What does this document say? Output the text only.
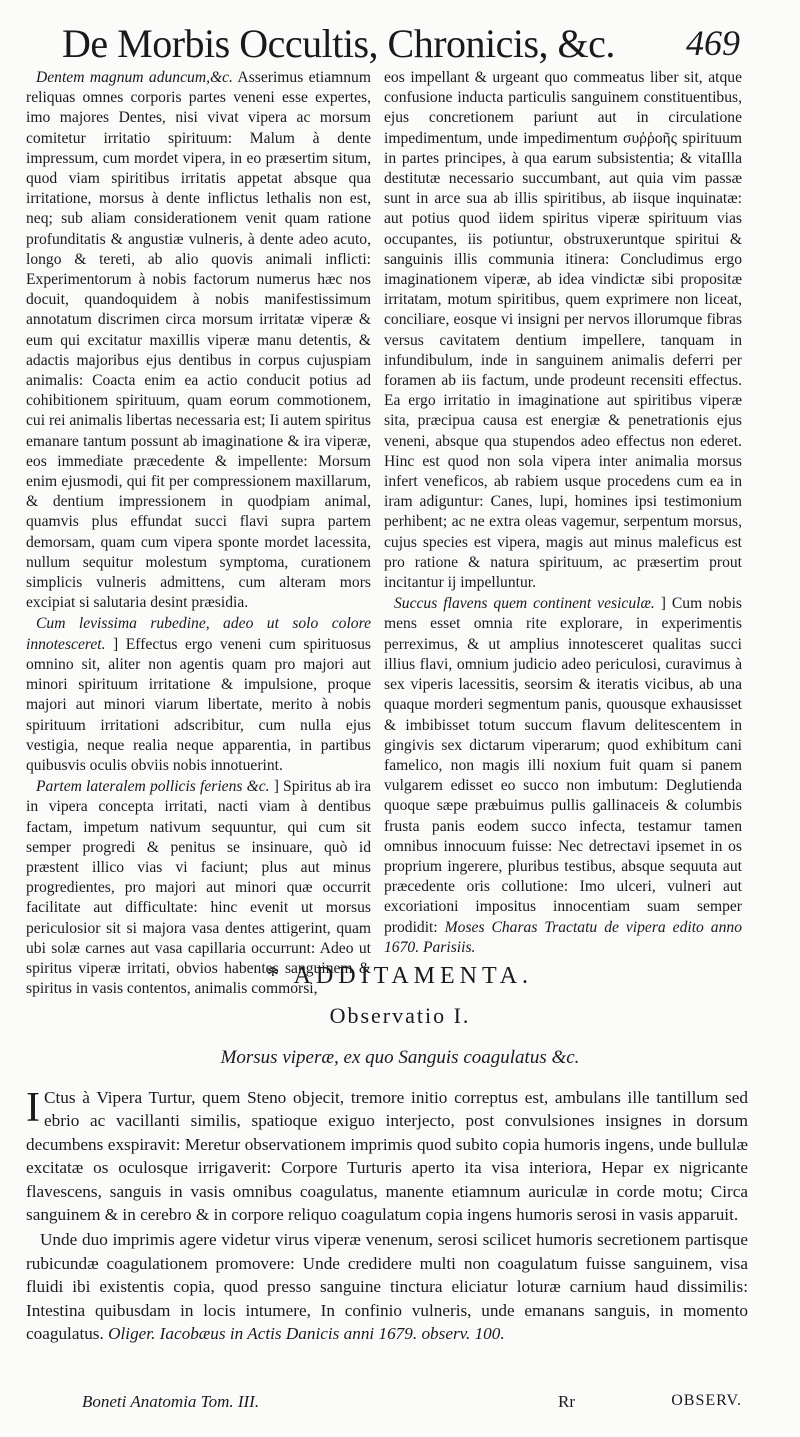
De Morbis Occultis, Chronicis, &c. 469

Dentem magnum aduncum,&c. Asserimus etiamnum reliquas omnes corporis partes veneni esse expertes, imo majores Dentes, nisi vivat vipera ac morsum comitetur irritatio spirituum: Malum à dente impressum, cum mordet vipera, in eo præsertim situm, quod viam spiritibus irritatis appetat absque qua irritatione, morsus à dente inflictus lethalis non est, neq; sub aliam considerationem venit quam ratione profunditatis & angustiæ vulneris, à dente adeo acuto, longo & tereti, ab alio quovis animali inflicti: Experimentorum à nobis factorum numerus hæc nos docuit, quandoquidem à nobis manifestissimum annotatum discrimen circa morsum irritatæ viperæ & eum qui excitatur maxillis viperæ manu detentis, & adactis majoribus ejus dentibus in corpus cujuspiam animalis: Coacta enim ea actio conducit potius ad cohibitionem spirituum, quam eorum commotionem, cui rei animalis libertas necessaria est; Ii autem spiritus emanare tantum possunt ab imaginatione & ira viperæ, eos immediate præcedente & impellente: Morsum enim ejusmodi, qui fit per compressionem maxillarum, & dentium impressionem in quodpiam animal, quamvis plus effundat succi flavi supra partem demorsam, quam cum vipera sponte mordet lacessita, nullum sequitur molestum symptoma, curationem simplicis vulneris admittens, cum alteram mors excipiat si salutaria desint præsidia.

Cum levissima rubedine, adeo ut solo colore innotesceret. ] Effectus ergo veneni cum spirituosus omnino sit, aliter non agentis quam pro majori aut minori spirituum irritatione & impulsione, proque majori aut minori viarum libertate, merito à nobis spirituum irritationi adscribitur, cum nulla ejus vestigia, neque realia neque apparentia, in partibus quibusvis oculis obviis nobis innotuerint.

Partem lateralem pollicis feriens &c. ] Spiritus ab ira in vipera concepta irritati, nacti viam à dentibus factam, impetum nativum sequuntur, qui cum sit semper progredi & penitus se insinuare, quò id præstent illico vias vi faciunt; plus aut minus progredientes, pro majori aut minori quæ occurrit facilitate aut difficultate: hinc evenit ut morsus periculosior sit si majora vasa dentes attigerint, quam ubi solæ carnes aut vasa capillaria occurrunt: Adeo ut spiritus viperæ irritati, obvios habentes sanguinem & spiritus in vasis contentos, animalis commorsi,

eos impellant & urgeant quo commeatus liber sit, atque confusione inducta particulis sanguinem constituentibus, ejus concretionem pariunt aut in circulatione impedimentum, unde impedimentum συῤῥοῆς spirituum in partes principes, à qua earum subsistentia; & vitaIlla destitutæ necessario succumbant, aut quia vim passæ sunt in arce sua ab illis spiritibus, ab iisque inquinatæ: aut potius quod iidem spiritus viperæ spirituum vias occupantes, iis potiuntur, obstruxeruntque spiritui & sanguinis illis communia itinera: Concludimus ergo imaginationem viperæ, ab idea vindictæ sibi propositæ irritatam, motum spiritibus, quem exprimere non liceat, conciliare, eosque vi insigni per nervos illorumque fibras versus cavitatem dentium impellere, tanquam in infundibulum, inde in sanguinem animalis deferri per foramen ab iis factum, unde prodeunt recensiti effectus. Ea ergo irritatio in imaginatione aut spiritibus viperæ sita, præcipua causa est energiæ & penetrationis ejus veneni, absque qua stupendos adeo effectus non ederet. Hinc est quod non sola vipera inter animalia morsus infert veneficos, ab rabiem usque procedens cum ea in iram adiguntur: Canes, lupi, homines ipsi testimonium perhibent; ac ne extra oleas vagemur, serpentum morsus, cujus species est vipera, magis aut minus maleficus est pro ratione & natura spirituum, ac præsertim prout incitantur ij impelluntur.

Succus flavens quem continent vesiculæ. ] Cum nobis mens esset omnia rite explorare, in experimentis perreximus, & ut amplius innotesceret qualitas succi illius flavi, omnium judicio adeo periculosi, curavimus à sex viperis lacessitis, seorsim & iteratis vicibus, ab una quaque morderi segmentum panis, quousque exhausisset & imbibisset totum succum flavum delitescentem in gingivis sex dictarum viperarum; quod exhibitum cani famelico, non magis illi noxium fuit quam si panem vulgarem edisset eo succo non imbutum: Deglutienda quoque sæpe præbuimus pullis gallinaceis & columbis frusta panis eodem succo infecta, testamur tamen omnibus innocuum fuisse: Nec detrectavi ipsemet in os proprium ingerere, pluribus testibus, absque sequuta aut præcedente oris collutione: Imo ulceri, vulneri aut excoriationi impositus innocentiam suam semper prodidit: Moses Charas Tractatu de vipera edito anno 1670. Parisiis.

* ADDITAMENTA.
Observatio I.
Morsus viperæ, ex quo Sanguis coagulatus &c.

ICtus à Vipera Turtur, quem Steno objecit, tremore initio correptus est, ambulans ille tantillum sed ebrio ac vacillanti similis, spatioque exiguo interjecto, post convulsiones insignes in dorsum decumbens exspiravit: Meretur observationem imprimis quod subito copia humoris ingens, unde bullulæ excitatæ os oculosque irrigaverit: Corpore Turturis aperto ita visa interiora, Hepar ex nigricante flavescens, sanguis in vasis omnibus coagulatus, manente etiamnum auriculæ in corde motu; Circa sanguinem & in cerebro & in corpore reliquo coagulatum copia ingens humoris serosi in vasis apparuit.

Unde duo imprimis agere videtur virus viperæ venenum, serosi scilicet humoris secretionem partisque rubicundæ coagulationem promovere: Unde credidere multi non coagulatum fuisse sanguinem, visa fluidi ibi existentis copia, quod presso sanguine tinctura eliciatur loturæ carnium haud dissimilis: Intestina quibusdam in locis intumere, In confinio vulneris, unde emanans sanguis, in momento coagulatus. Oliger. Iacobæus in Actis Danicis anni 1679. observ. 100.

Boneti Anatomia Tom. III.	Rr	OBSERV.
